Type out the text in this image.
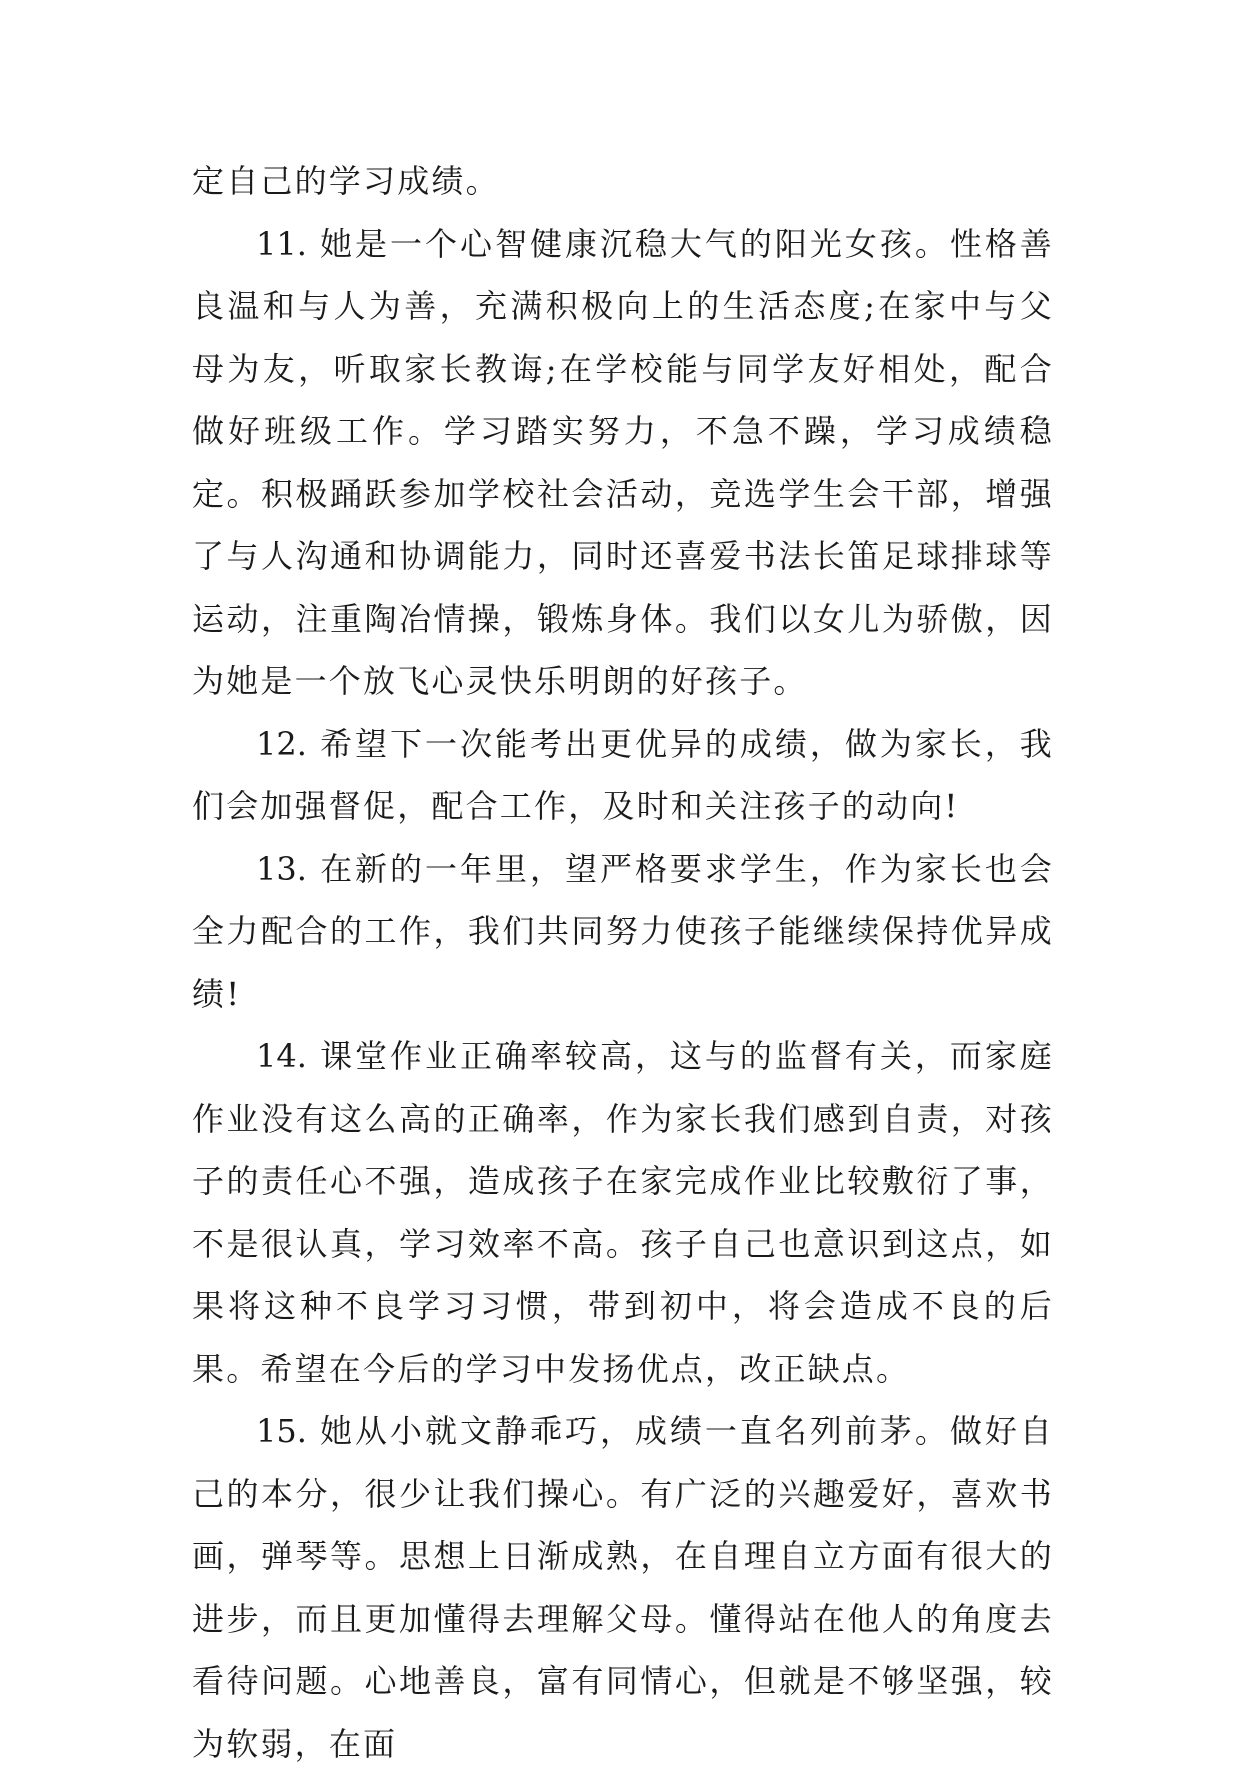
定自己的学习成绩。

11. 她是一个心智健康沉稳大气的阳光女孩。性格善良温和与人为善，充满积极向上的生活态度;在家中与父母为友，听取家长教诲;在学校能与同学友好相处，配合做好班级工作。学习踏实努力，不急不躁，学习成绩稳定。积极踊跃参加学校社会活动，竞选学生会干部，增强了与人沟通和协调能力，同时还喜爱书法长笛足球排球等运动，注重陶冶情操，锻炼身体。我们以女儿为骄傲，因为她是一个放飞心灵快乐明朗的好孩子。

12. 希望下一次能考出更优异的成绩，做为家长，我们会加强督促，配合工作，及时和关注孩子的动向!

13. 在新的一年里，望严格要求学生，作为家长也会全力配合的工作，我们共同努力使孩子能继续保持优异成绩!

14. 课堂作业正确率较高，这与的监督有关，而家庭作业没有这么高的正确率，作为家长我们感到自责，对孩子的责任心不强，造成孩子在家完成作业比较敷衍了事，不是很认真，学习效率不高。孩子自己也意识到这点，如果将这种不良学习习惯，带到初中，将会造成不良的后果。希望在今后的学习中发扬优点，改正缺点。

15. 她从小就文静乖巧，成绩一直名列前茅。做好自己的本分，很少让我们操心。有广泛的兴趣爱好，喜欢书画，弹琴等。思想上日渐成熟，在自理自立方面有很大的进步，而且更加懂得去理解父母。懂得站在他人的角度去看待问题。心地善良，富有同情心，但就是不够坚强，较为软弱，在面
